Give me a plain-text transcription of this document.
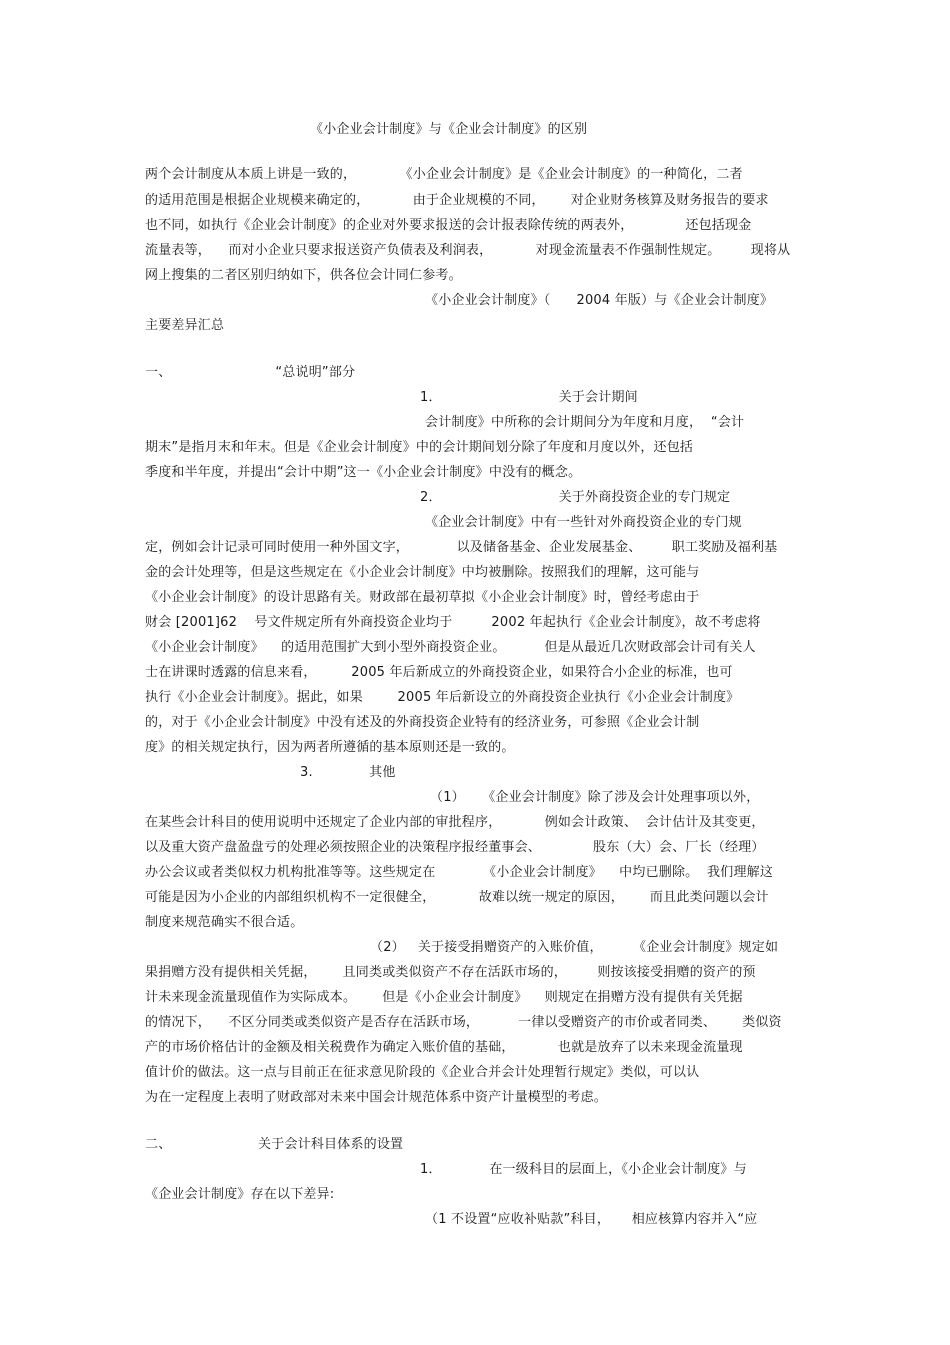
《小企业会计制度》与《企业会计制度》的区别
两个会计制度从本质上讲是一致的，          《小企业会计制度》是《企业会计制度》的一种简化，二者
的适用范围是根据企业规模来确定的，          由于企业规模的不同，      对企业财务核算及财务报告的要求
也不同，如执行《企业会计制度》的企业对外要求报送的会计报表除传统的两表外，            还包括现金
流量表等，    而对小企业只要求报送资产负债表及利润表，          对现金流量表不作强制性规定。       现将从
网上搜集的二者区别归纳如下，供各位会计同仁参考。
《小企业会计制度》（      2004 年版）与《企业会计制度》
主要差异汇总
一、                        “总说明”部分
1．                           关于会计期间
会计制度》中所称的会计期间分为年度和月度，  “会计
期末”是指月末和年末。但是《企业会计制度》中的会计期间划分除了年度和月度以外，还包括
季度和半年度，并提出“会计中期”这一《小企业会计制度》中没有的概念。
2．                           关于外商投资企业的专门规定
《企业会计制度》中有一些针对外商投资企业的专门规
定，例如会计记录可同时使用一种外国文字，           以及储备基金、企业发展基金、       职工奖励及福利基
金的会计处理等，但是这些规定在《小企业会计制度》中均被删除。按照我们的理解，这可能与
《小企业会计制度》的设计思路有关。财政部在最初草拟《小企业会计制度》时，曾经考虑由于
财会 [2001]62    号文件规定所有外商投资企业均于         2002 年起执行《企业会计制度》，故不考虑将
《小企业会计制度》    的适用范围扩大到小型外商投资企业。         但是从最近几次财政部会计司有关人
士在讲课时透露的信息来看，        2005 年后新成立的外商投资企业，如果符合小企业的标准，也可
执行《小企业会计制度》。据此，如果        2005 年后新设立的外商投资企业执行《小企业会计制度》
的，对于《小企业会计制度》中没有述及的外商投资企业特有的经济业务，可参照《企业会计制
度》的相关规定执行，因为两者所遵循的基本原则还是一致的。
3.             其他
（1）    《企业会计制度》除了涉及会计处理事项以外，
在某些会计科目的使用说明中还规定了企业内部的审批程序，          例如会计政策、  会计估计及其变更，
以及重大资产盘盈盘亏的处理必须按照企业的决策程序报经董事会、            股东（大）会、厂长（经理）
办公会议或者类似权力机构批准等等。这些规定在           《小企业会计制度》    中均已删除。  我们理解这
可能是因为小企业的内部组织机构不一定很健全，          故难以统一规定的原因，      而且此类问题以会计
制度来规范确实不很合适。
（2）   关于接受捐赠资产的入账价值，       《企业会计制度》规定如
果捐赠方没有提供相关凭据，      且同类或类似资产不存在活跃市场的，       则按该接受捐赠的资产的预
计未来现金流量现值作为实际成本。      但是《小企业会计制度》    则规定在捐赠方没有提供有关凭据
的情况下，    不区分同类或类似资产是否存在活跃市场，         一律以受赠资产的市价或者同类、      类似资
产的市场价格估计的金额及相关税费作为确定入账价值的基础，          也就是放弃了以未来现金流量现
值计价的做法。这一点与目前正在征求意见阶段的《企业合并会计处理暂行规定》类似，可以认
为在一定程度上表明了财政部对未来中国会计规范体系中资产计量模型的考虑。
二、                    关于会计科目体系的设置
1．           在一级科目的层面上，《小企业会计制度》与
《企业会计制度》存在以下差异:
（1 不设置“应收补贴款”科目，     相应核算内容并入“应
